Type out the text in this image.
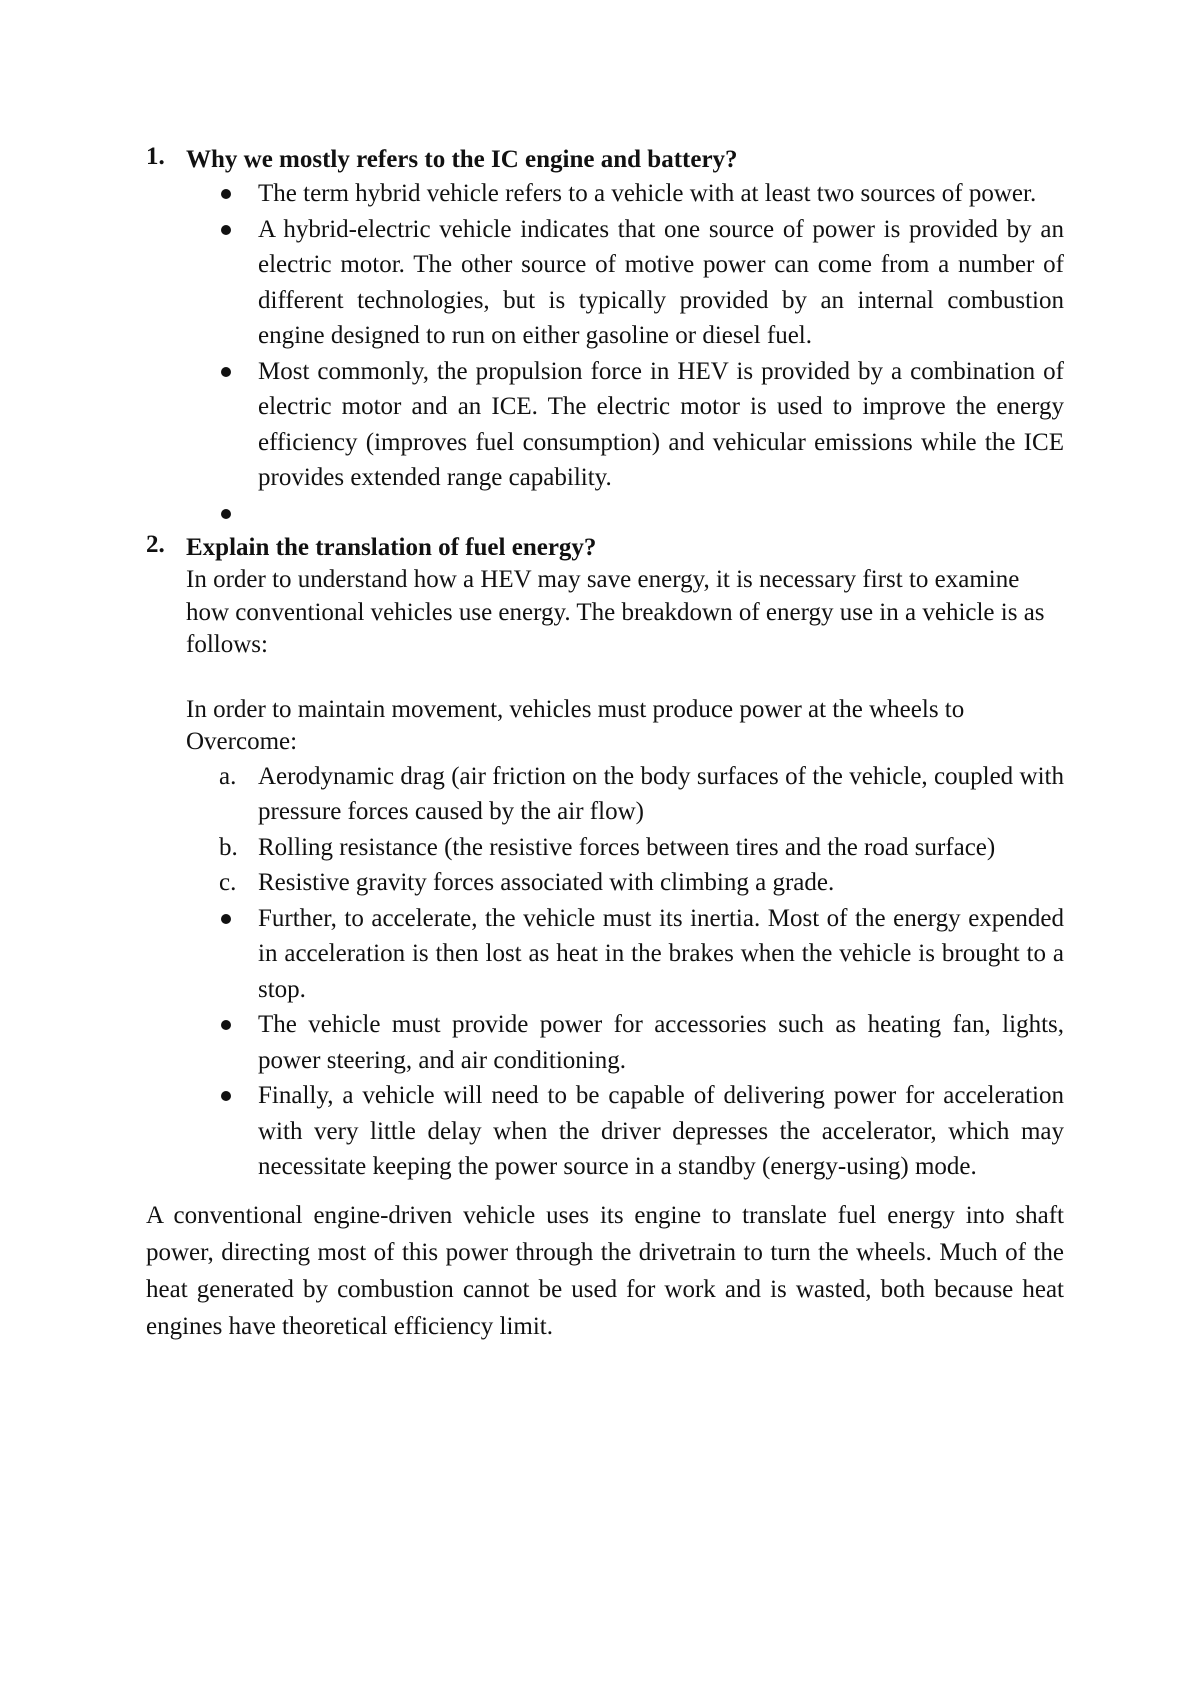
1. Why we mostly refers to the IC engine and battery?
The term hybrid vehicle refers to a vehicle with at least two sources of power.
A hybrid-electric vehicle indicates that one source of power is provided by an electric motor. The other source of motive power can come from a number of different technologies, but is typically provided by an internal combustion engine designed to run on either gasoline or diesel fuel.
Most commonly, the propulsion force in HEV is provided by a combination of electric motor and an ICE. The electric motor is used to improve the energy efficiency (improves fuel consumption) and vehicular emissions while the ICE provides extended range capability.

2. Explain the translation of fuel energy?
In order to understand how a HEV may save energy, it is necessary first to examine how conventional vehicles use energy. The breakdown of energy use in a vehicle is as follows:
In order to maintain movement, vehicles must produce power at the wheels to Overcome:
a. Aerodynamic drag (air friction on the body surfaces of the vehicle, coupled with pressure forces caused by the air flow)
b. Rolling resistance (the resistive forces between tires and the road surface)
c. Resistive gravity forces associated with climbing a grade.
Further, to accelerate, the vehicle must its inertia. Most of the energy expended in acceleration is then lost as heat in the brakes when the vehicle is brought to a stop.
The vehicle must provide power for accessories such as heating fan, lights, power steering, and air conditioning.
Finally, a vehicle will need to be capable of delivering power for acceleration with very little delay when the driver depresses the accelerator, which may necessitate keeping the power source in a standby (energy-using) mode.

A conventional engine-driven vehicle uses its engine to translate fuel energy into shaft power, directing most of this power through the drivetrain to turn the wheels. Much of the heat generated by combustion cannot be used for work and is wasted, both because heat engines have theoretical efficiency limit.
